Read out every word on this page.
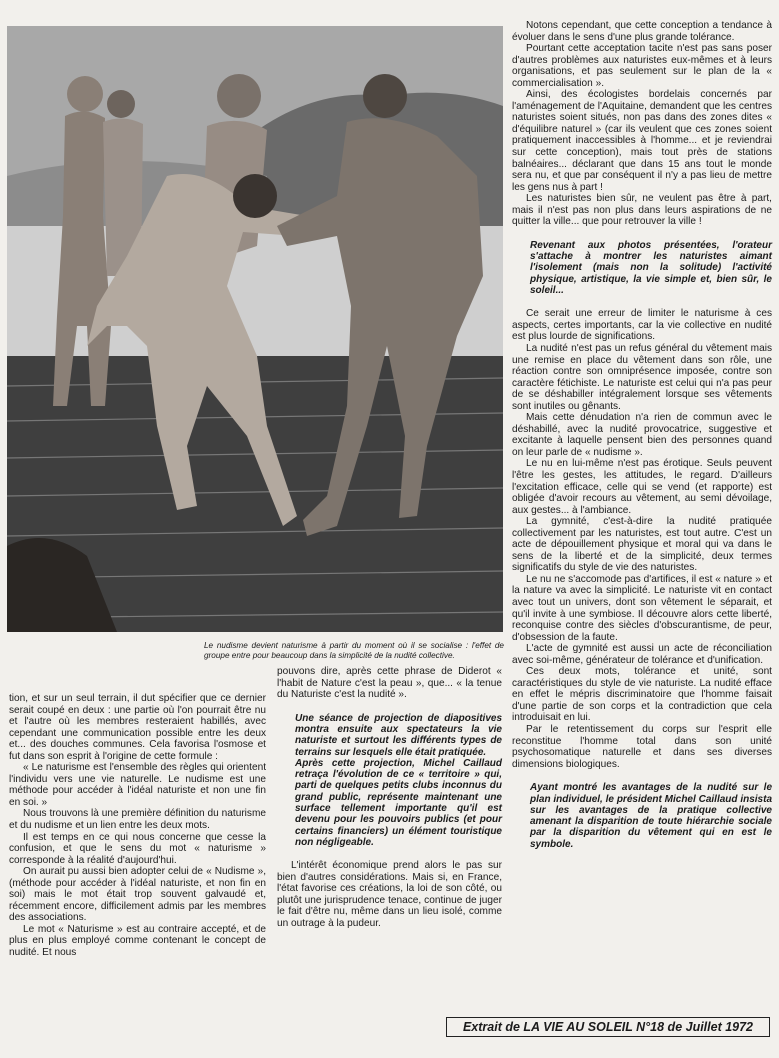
Le nudisme devient naturisme à partir du moment où il se socialise : l'effet de groupe entre pour beaucoup dans la simplicité de la nudité collective.

Notons cependant, que cette conception a tendance à évoluer dans le sens d'une plus grande tolérance.

Pourtant cette acceptation tacite n'est pas sans poser d'autres problèmes aux naturistes eux-mêmes et à leurs organisations, et pas seulement sur le plan de la « commercialisation ».

Ainsi, des écologistes bordelais concernés par l'aménagement de l'Aquitaine, demandent que les centres naturistes soient situés, non pas dans des zones dites « d'équilibre naturel » (car ils veulent que ces zones soient pratiquement inaccessibles à l'homme... et je reviendrai sur cette conception), mais tout près de stations balnéaires... déclarant que dans 15 ans tout le monde sera nu, et que par conséquent il n'y a pas lieu de mettre les gens nus à part !

Les naturistes bien sûr, ne veulent pas être à part, mais il n'est pas non plus dans leurs aspirations de ne quitter la ville... que pour retrouver la ville !

Revenant aux photos présentées, l'orateur s'attache à montrer les naturistes aimant l'isolement (mais non la solitude) l'activité physique, artistique, la vie simple et, bien sûr, le soleil...

Ce serait une erreur de limiter le naturisme à ces aspects, certes importants, car la vie collective en nudité est plus lourde de significations.

La nudité n'est pas un refus général du vêtement mais une remise en place du vêtement dans son rôle, une réaction contre son omniprésence imposée, contre son caractère fétichiste. Le naturiste est celui qui n'a pas peur de se déshabiller intégralement lorsque ses vêtements sont inutiles ou gênants.

Mais cette dénudation n'a rien de commun avec le déshabillé, avec la nudité provocatrice, suggestive et excitante à laquelle pensent bien des personnes quand on leur parle de « nudisme ».

Le nu en lui-même n'est pas érotique. Seuls peuvent l'être les gestes, les attitudes, le regard. D'ailleurs l'excitation efficace, celle qui se vend (et rapporte) est obligée d'avoir recours au vêtement, au semi dévoilage, aux gestes... à l'ambiance.

La gymnité, c'est-à-dire la nudité pratiquée collectivement par les naturistes, est tout autre. C'est un acte de dépouillement physique et moral qui va dans le sens de la liberté et de la simplicité, deux termes significatifs du style de vie des naturistes.

Le nu ne s'accomode pas d'artifices, il est « nature » et la nature va avec la simplicité. Le naturiste vit en contact avec tout un univers, dont son vêtement le séparait, et qu'il invite à une symbiose. Il découvre alors cette liberté, reconquise contre des siècles d'obscurantisme, de peur, d'obsession de la faute.

L'acte de gymnité est aussi un acte de réconciliation avec soi-même, générateur de tolérance et d'unification.

Ces deux mots, tolérance et unité, sont caractéristiques du style de vie naturiste. La nudité efface en effet le mépris discriminatoire que l'homme faisait d'une partie de son corps et la contradiction que cela introduisait en lui.

Par le retentissement du corps sur l'esprit elle reconstitue l'homme total dans son unité psychosomatique naturelle et dans ses diverses dimensions biologiques.

Ayant montré les avantages de la nudité sur le plan individuel, le président Michel Caillaud insista sur les avantages de la pratique collective amenant la disparition de toute hiérarchie sociale par la disparition du vêtement qui en est le symbole.

tion, et sur un seul terrain, il dut spécifier que ce dernier serait coupé en deux : une partie où l'on pourrait être nu et l'autre où les membres resteraient habillés, avec cependant une communication possible entre les deux et... des douches communes. Cela favorisa l'osmose et fut dans son esprit à l'origine de cette formule :

« Le naturisme est l'ensemble des règles qui orientent l'individu vers une vie naturelle. Le nudisme est une méthode pour accéder à l'idéal naturiste et non une fin en soi. »

Nous trouvons là une première définition du naturisme et du nudisme et un lien entre les deux mots.

Il est temps en ce qui nous concerne que cesse la confusion, et que le sens du mot « naturisme » corresponde à la réalité d'aujourd'hui.

On aurait pu aussi bien adopter celui de « Nudisme », (méthode pour accéder à l'idéal naturiste, et non fin en soi) mais le mot était trop souvent galvaudé et, récemment encore, difficilement admis par les membres des associations.

Le mot « Naturisme » est au contraire accepté, et de plus en plus employé comme contenant le concept de nudité. Et nous

pouvons dire, après cette phrase de Diderot « l'habit de Nature c'est la peau », que... « la tenue du Naturiste c'est la nudité ».

Une séance de projection de diapositives montra ensuite aux spectateurs la vie naturiste et surtout les différents types de terrains sur lesquels elle était pratiquée.

Après cette projection, Michel Caillaud retraça l'évolution de ce « territoire » qui, parti de quelques petits clubs inconnus du grand public, représente maintenant une surface tellement importante qu'il est devenu pour les pouvoirs publics (et pour certains financiers) un élément touristique non négligeable.

L'intérêt économique prend alors le pas sur bien d'autres considérations. Mais si, en France, l'état favorise ces créations, la loi de son côté, ou plutôt une jurisprudence tenace, continue de juger le fait d'être nu, même dans un lieu isolé, comme un outrage à la pudeur.

Extrait de LA VIE AU SOLEIL N°18 de Juillet 1972
